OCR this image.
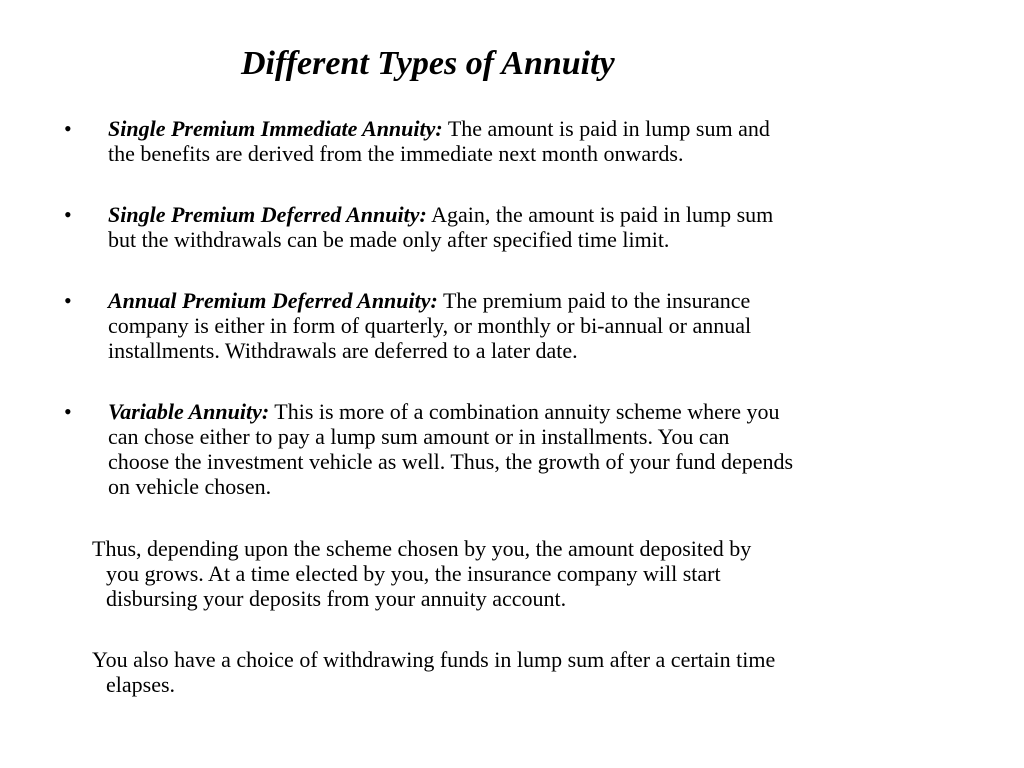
Different Types of Annuity
• Single Premium Immediate Annuity: The amount is paid in lump sum and
the benefits are derived from the immediate next month onwards.
• Single Premium Deferred Annuity: Again, the amount is paid in lump sum
but the withdrawals can be made only after specified time limit.
• Annual Premium Deferred Annuity: The premium paid to the insurance
company is either in form of quarterly, or monthly or bi-annual or annual
installments. Withdrawals are deferred to a later date.
• Variable Annuity: This is more of a combination annuity scheme where you
can chose either to pay a lump sum amount or in installments. You can
choose the investment vehicle as well. Thus, the growth of your fund depends
on vehicle chosen.
Thus, depending upon the scheme chosen by you, the amount deposited by
you grows. At a time elected by you, the insurance company will start
disbursing your deposits from your annuity account.
You also have a choice of withdrawing funds in lump sum after a certain time
elapses.
